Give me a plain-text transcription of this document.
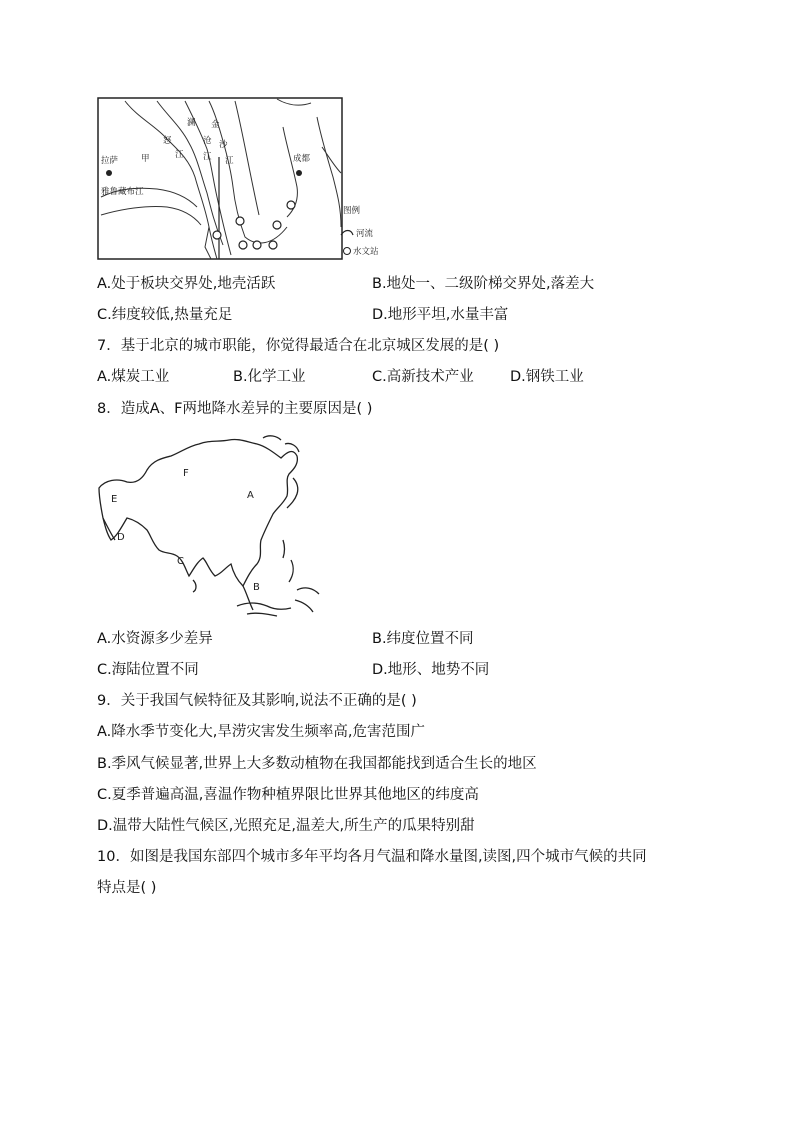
拉萨	甲
雅鲁藏布江
澜 金
怒	沧 沙
江 江 江	成都
图例
河流
水文站
A.处于板块交界处,地壳活跃	B.地处一、二级阶梯交界处,落差大
C.纬度较低,热量充足	D.地形平坦,水量丰富
7．基于北京的城市职能，你觉得最适合在北京城区发展的是( )
A.煤炭工业	B.化学工业	C.高新技术产业	D.钢铁工业
8．造成A、F两地降水差异的主要原因是( )
F
A
E
D
C
B
A.水资源多少差异	B.纬度位置不同
C.海陆位置不同	D.地形、地势不同
9．关于我国气候特征及其影响,说法不正确的是( )
A.降水季节变化大,旱涝灾害发生频率高,危害范围广
B.季风气候显著,世界上大多数动植物在我国都能找到适合生长的地区
C.夏季普遍高温,喜温作物种植界限比世界其他地区的纬度高
D.温带大陆性气候区,光照充足,温差大,所生产的瓜果特别甜
10．如图是我国东部四个城市多年平均各月气温和降水量图,读图,四个城市气候的共同
特点是( )
